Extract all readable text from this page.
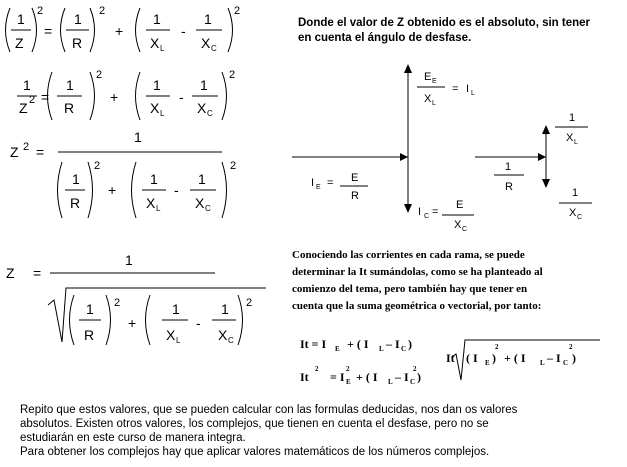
1
Z
2
=
1
R
2
+
1
X L
-
1
X C
2
1
Z 2 =
1
R
2
+
1
X L
-
1
X C
2
Z 2 =
1
1
R
2
+
1
X L
-
1
X C
2
Z =
1
1
R
2
+
1
X L
-
1
X C
2
E E
X L
= I L
I E = E
R
I C =
E
X C
1
X L
1
R	1
X C
It = I E + ( I L – I C )
It
2
= I
2
E + ( I L – I C
2
)
It ( I E )
2
+ ( I L – I C )
2
Donde el valor de Z obtenido es el absoluto, sin tener
en cuenta el ángulo de desfase.
Conociendo las corrientes en cada rama, se puede
determinar la It sumándolas, como se ha planteado al
comienzo del tema, pero también hay que tener en
cuenta que la suma geométrica o vectorial, por tanto:
Repito que estos valores, que se pueden calcular con las formulas deducidas, nos dan os valores
absolutos. Existen otros valores, los complejos, que tienen en cuenta el desfase, pero no se
estudiarán en este curso de manera integra.
Para obtener los complejos hay que aplicar valores matemáticos de los números complejos.
